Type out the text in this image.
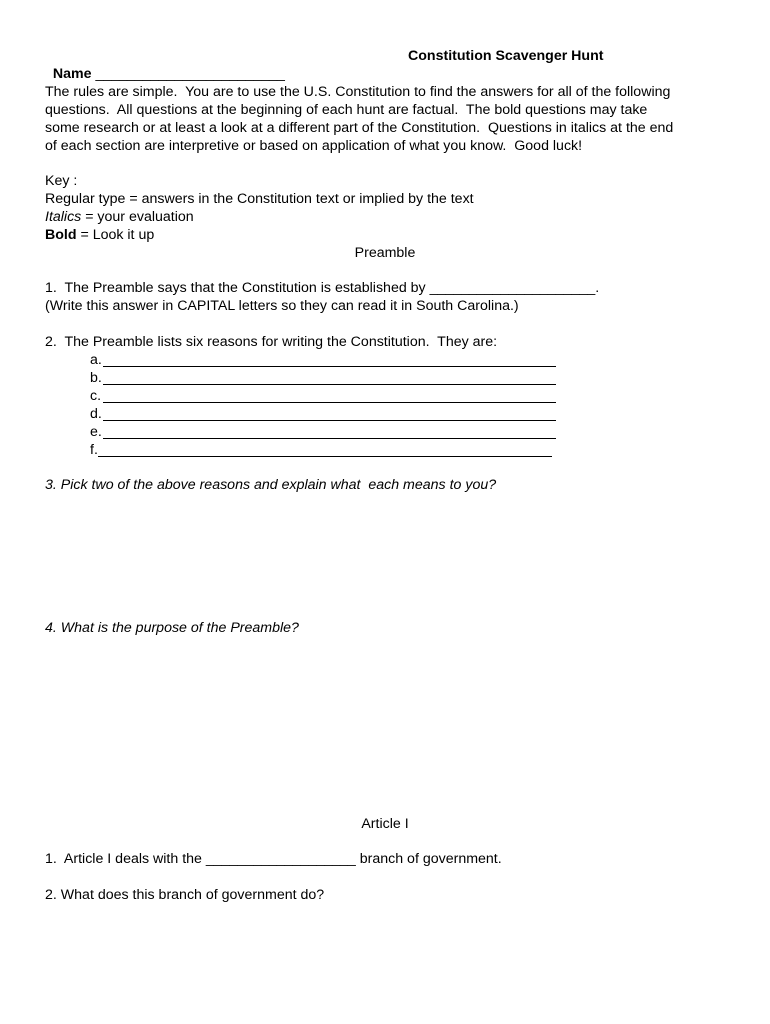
Name ________________________

Constitution Scavenger Hunt
The rules are simple.  You are to use the U.S. Constitution to find the answers for all of the following
questions.  All questions at the beginning of each hunt are factual.  The bold questions may take
some research or at least a look at a different part of the Constitution.  Questions in italics at the end
of each section are interpretive or based on application of what you know.  Good luck!
Key :
Regular type = answers in the Constitution text or implied by the text
Italics = your evaluation
Bold = Look it up
Preamble
1.  The Preamble says that the Constitution is established by _____________________.
(Write this answer in CAPITAL letters so they can read it in South Carolina.)
2.  The Preamble lists six reasons for writing the Constitution.  They are:
a.
b.
c.
d.
e.
f.
3. Pick two of the above reasons and explain what  each means to you?
4. What is the purpose of the Preamble?
Article I
1.  Article I deals with the ___________________ branch of government.
2. What does this branch of government do?
